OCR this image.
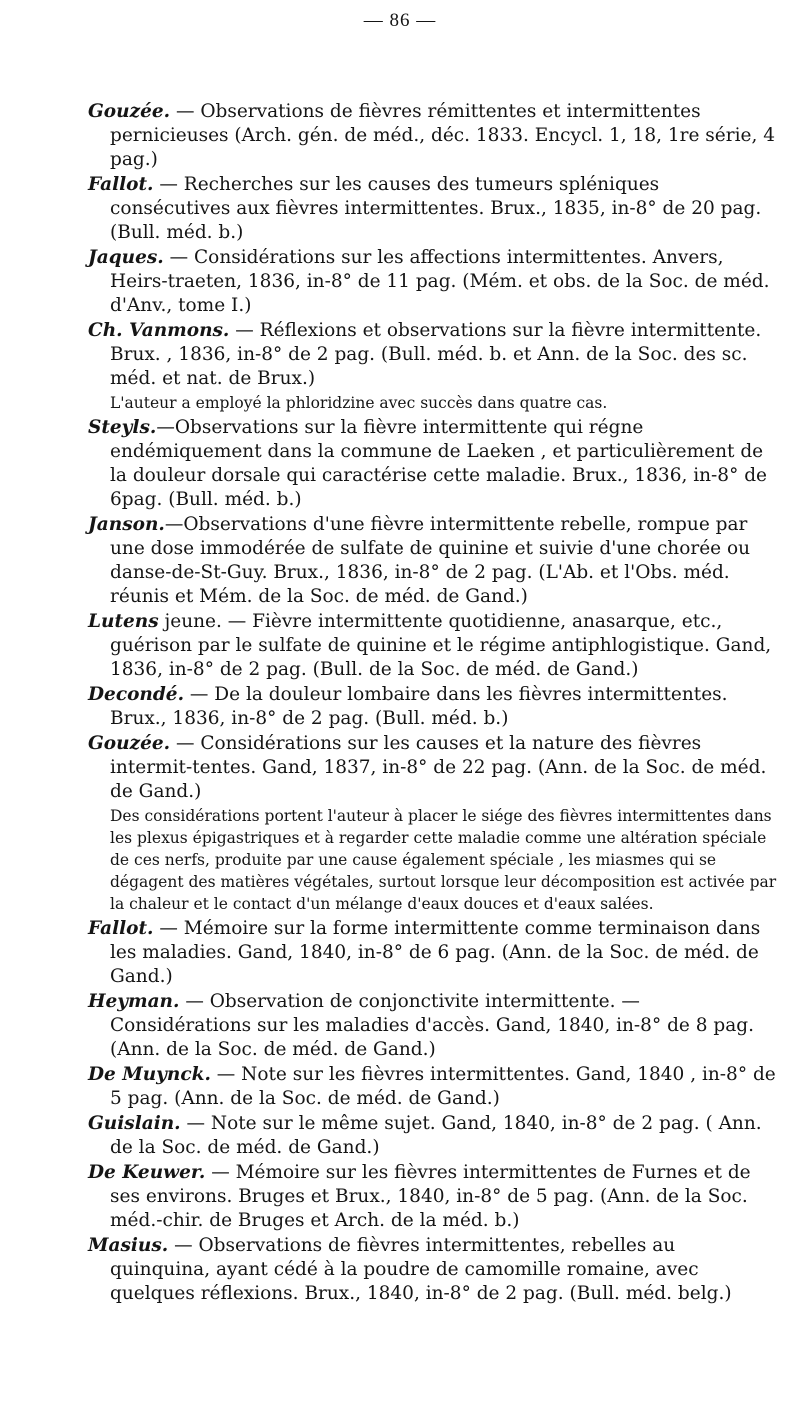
— 86 —

Gouzée. — Observations de fièvres rémittentes et intermittentes pernicieuses (Arch. gén. de méd., déc. 1833. Encycl. 1, 18, 1re série, 4 pag.)

Fallot. — Recherches sur les causes des tumeurs spléniques consécutives aux fièvres intermittentes. Brux., 1835, in-8° de 20 pag. (Bull. méd. b.)

Jaques. — Considérations sur les affections intermittentes. Anvers, Heirs-traeten, 1836, in-8° de 11 pag. (Mém. et obs. de la Soc. de méd. d'Anv., tome I.)

Ch. Vanmons. — Réflexions et observations sur la fièvre intermittente. Brux. , 1836, in-8° de 2 pag. (Bull. méd. b. et Ann. de la Soc. des sc. méd. et nat. de Brux.)

L'auteur a employé la phloridzine avec succès dans quatre cas.

Steyls.—Observations sur la fièvre intermittente qui régne endémiquement dans la commune de Laeken , et particulièrement de la douleur dorsale qui caractérise cette maladie. Brux., 1836, in-8° de 6pag. (Bull. méd. b.)

Janson.—Observations d'une fièvre intermittente rebelle, rompue par une dose immodérée de sulfate de quinine et suivie d'une chorée ou danse-de-St-Guy. Brux., 1836, in-8° de 2 pag. (L'Ab. et l'Obs. méd. réunis et Mém. de la Soc. de méd. de Gand.)

Lutens jeune. — Fièvre intermittente quotidienne, anasarque, etc., guérison par le sulfate de quinine et le régime antiphlogistique. Gand, 1836, in-8° de 2 pag. (Bull. de la Soc. de méd. de Gand.)

Decondé. — De la douleur lombaire dans les fièvres intermittentes. Brux., 1836, in-8° de 2 pag. (Bull. méd. b.)

Gouzée. — Considérations sur les causes et la nature des fièvres intermit-tentes. Gand, 1837, in-8° de 22 pag. (Ann. de la Soc. de méd. de Gand.)

Des considérations portent l'auteur à placer le siége des fièvres intermittentes dans les plexus épigastriques et à regarder cette maladie comme une altération spéciale de ces nerfs, produite par une cause également spéciale , les miasmes qui se dégagent des matières végétales, surtout lorsque leur décomposition est activée par la chaleur et le contact d'un mélange d'eaux douces et d'eaux salées.

Fallot. — Mémoire sur la forme intermittente comme terminaison dans les maladies. Gand, 1840, in-8° de 6 pag. (Ann. de la Soc. de méd. de Gand.)

Heyman. — Observation de conjonctivite intermittente. — Considérations sur les maladies d'accès. Gand, 1840, in-8° de 8 pag. (Ann. de la Soc. de méd. de Gand.)

De Muynck. — Note sur les fièvres intermittentes. Gand, 1840 , in-8° de 5 pag. (Ann. de la Soc. de méd. de Gand.)

Guislain. — Note sur le même sujet. Gand, 1840, in-8° de 2 pag. ( Ann. de la Soc. de méd. de Gand.)

De Keuwer. — Mémoire sur les fièvres intermittentes de Furnes et de ses environs. Bruges et Brux., 1840, in-8° de 5 pag. (Ann. de la Soc. méd.-chir. de Bruges et Arch. de la méd. b.)

Masius. — Observations de fièvres intermittentes, rebelles au quinquina, ayant cédé à la poudre de camomille romaine, avec quelques réflexions. Brux., 1840, in-8° de 2 pag. (Bull. méd. belg.)
